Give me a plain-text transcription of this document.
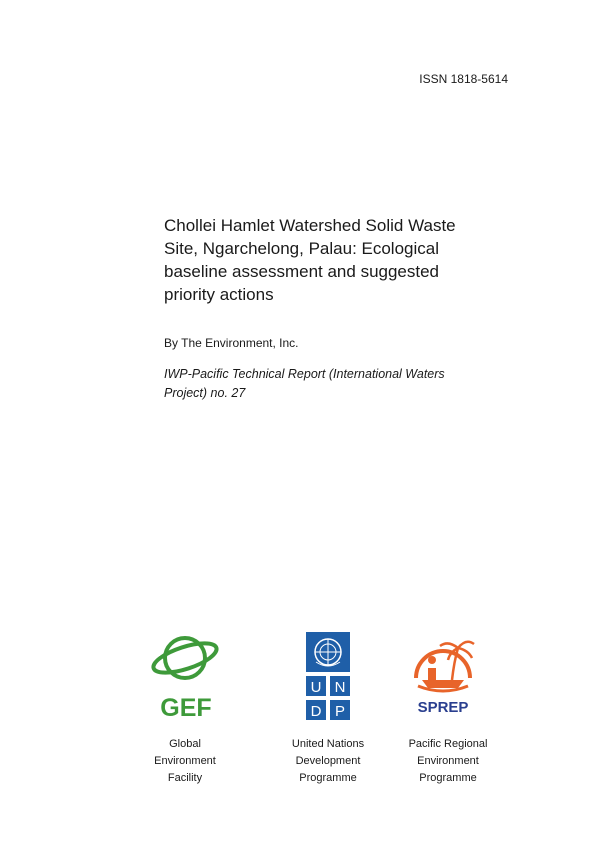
ISSN 1818-5614
Chollei Hamlet Watershed Solid Waste Site, Ngarchelong, Palau: Ecological baseline assessment and suggested priority actions
By The Environment, Inc.
IWP-Pacific Technical Report (International Waters Project) no. 27
GEF
U N
D P	SPREP
Global
Environment
Facility
United Nations
Development
Programme
Pacific Regional
Environment
Programme
